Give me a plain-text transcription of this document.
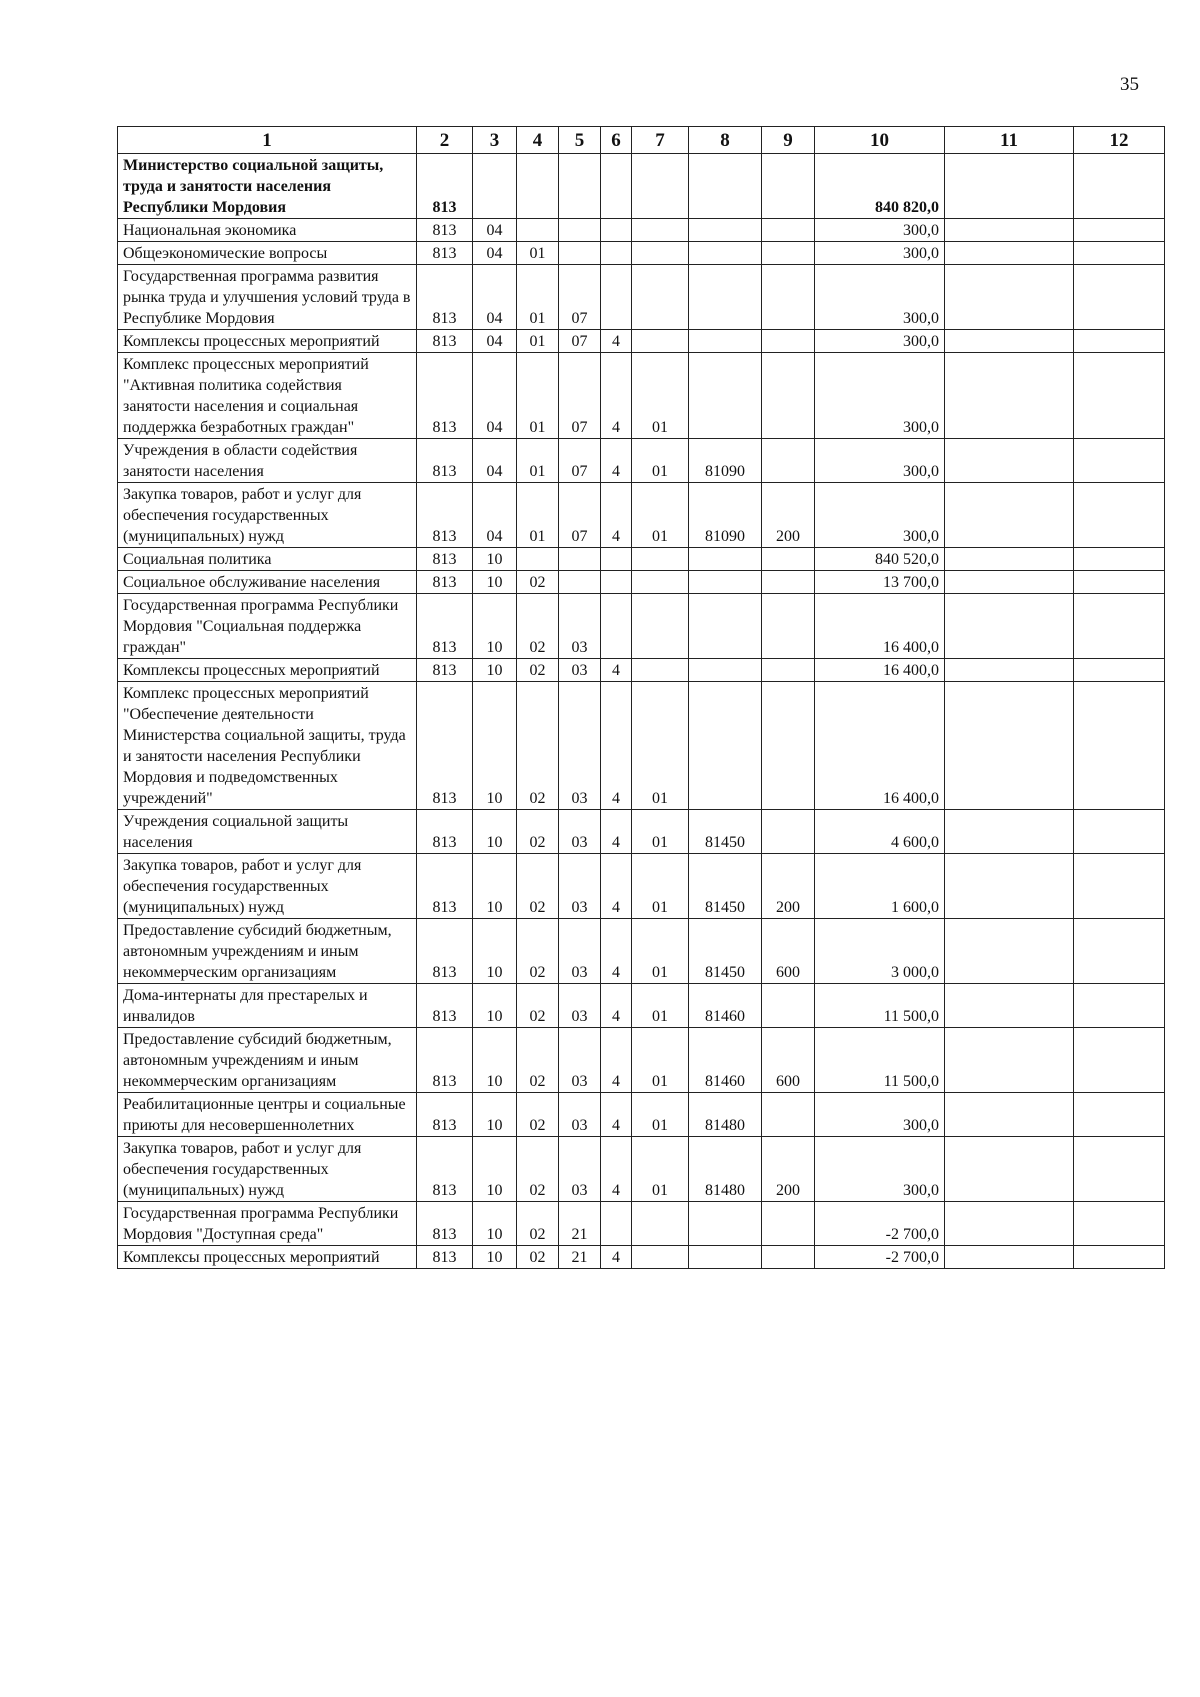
35
1	2	3	4	5	6	7	8	9	10	11	12
Министерство социальной защиты, труда и занятости населения Республики Мордовия	813								840 820,0		
Национальная экономика	813	04							300,0		
Общеэкономические вопросы	813	04	01						300,0		
Государственная программа развития рынка труда и улучшения условий труда в Республике Мордовия	813	04	01	07					300,0		
Комплексы процессных мероприятий	813	04	01	07	4				300,0		
Комплекс процессных мероприятий "Активная политика содействия занятости населения и социальная поддержка безработных граждан"	813	04	01	07	4	01			300,0		
Учреждения в области содействия занятости населения	813	04	01	07	4	01	81090		300,0		
Закупка товаров, работ и услуг для обеспечения государственных (муниципальных) нужд	813	04	01	07	4	01	81090	200	300,0		
Социальная политика	813	10							840 520,0		
Социальное обслуживание населения	813	10	02						13 700,0		
Государственная программа Республики Мордовия "Социальная поддержка граждан"	813	10	02	03					16 400,0		
Комплексы процессных мероприятий	813	10	02	03	4				16 400,0		
Комплекс процессных мероприятий "Обеспечение деятельности Министерства социальной защиты, труда и занятости населения Республики Мордовия и подведомственных учреждений"	813	10	02	03	4	01			16 400,0		
Учреждения социальной защиты населения	813	10	02	03	4	01	81450		4 600,0		
Закупка товаров, работ и услуг для обеспечения государственных (муниципальных) нужд	813	10	02	03	4	01	81450	200	1 600,0		
Предоставление субсидий бюджетным, автономным учреждениям и иным некоммерческим организациям	813	10	02	03	4	01	81450	600	3 000,0		
Дома-интернаты для престарелых и инвалидов	813	10	02	03	4	01	81460		11 500,0		
Предоставление субсидий бюджетным, автономным учреждениям и иным некоммерческим организациям	813	10	02	03	4	01	81460	600	11 500,0		
Реабилитационные центры и социальные приюты для несовершеннолетних	813	10	02	03	4	01	81480		300,0		
Закупка товаров, работ и услуг для обеспечения государственных (муниципальных) нужд	813	10	02	03	4	01	81480	200	300,0		
Государственная программа Республики Мордовия "Доступная среда"	813	10	02	21					-2 700,0		
Комплексы процессных мероприятий	813	10	02	21	4				-2 700,0		
